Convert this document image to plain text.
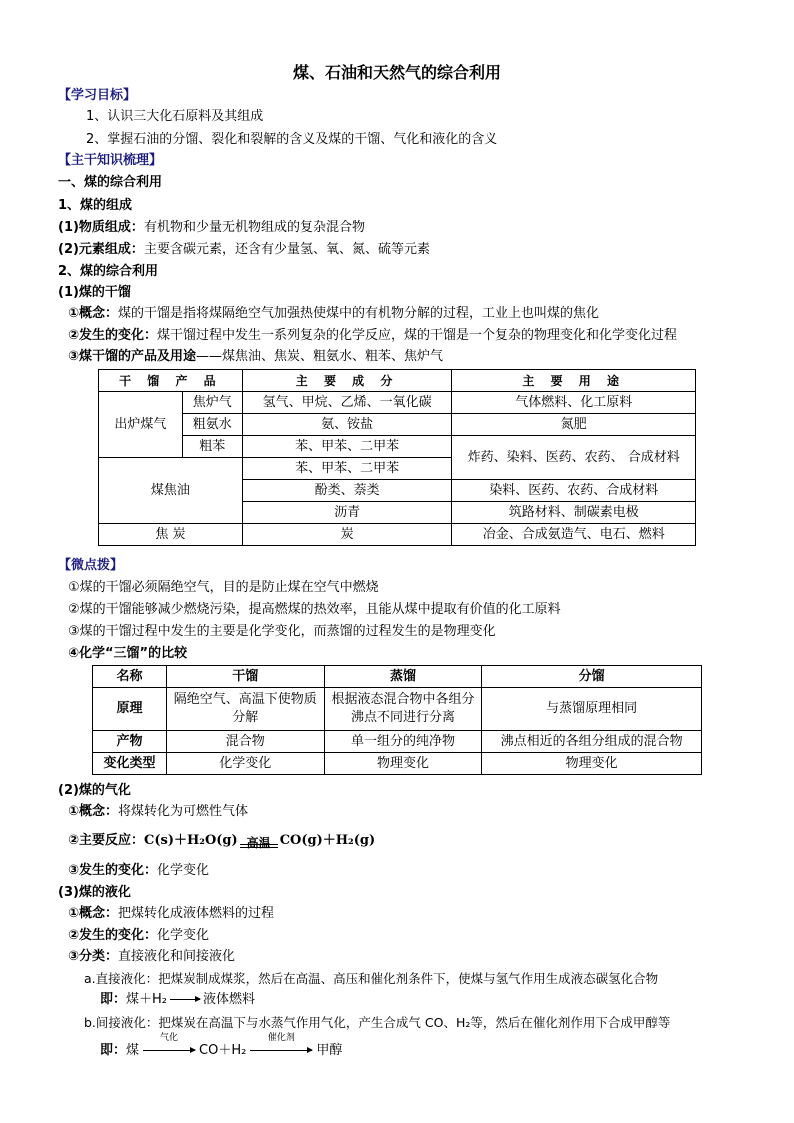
煤、石油和天然气的综合利用
【学习目标】
1、认识三大化石原料及其组成
2、掌握石油的分馏、裂化和裂解的含义及煤的干馏、气化和液化的含义
【主干知识梳理】
一、煤的综合利用
1、煤的组成
(1)物质组成：有机物和少量无机物组成的复杂混合物
(2)元素组成：主要含碳元素，还含有少量氢、氧、氮、硫等元素
2、煤的综合利用
(1)煤的干馏
①概念：煤的干馏是指将煤隔绝空气加强热使煤中的有机物分解的过程，工业上也叫煤的焦化
②发生的变化：煤干馏过程中发生一系列复杂的化学反应，煤的干馏是一个复杂的物理变化和化学变化过程
③煤干馏的产品及用途——煤焦油、焦炭、粗氨水、粗苯、焦炉气
干 馏 产 品		主 要 成 分	主 要 用 途
出炉煤气	焦炉气	氢气、甲烷、乙烯、一氧化碳	气体燃料、化工原料
	粗氨水	氨、铵盐	氮肥
	粗苯	苯、甲苯、二甲苯	炸药、染料、医药、农药、 合成材料
煤焦油		苯、甲苯、二甲苯	
		酚类、萘类	染料、医药、农药、合成材料
		沥青	筑路材料、制碳素电极
焦 炭		炭	冶金、合成氨造气、电石、燃料
【微点拨】
①煤的干馏必须隔绝空气，目的是防止煤在空气中燃烧
②煤的干馏能够减少燃烧污染，提高燃煤的热效率，且能从煤中提取有价值的化工原料
③煤的干馏过程中发生的主要是化学变化，而蒸馏的过程发生的是物理变化
④化学“三馏”的比较
名称	干馏	蒸馏	分馏
原理	隔绝空气、高温下使物质分解	根据液态混合物中各组分沸点不同进行分离	与蒸馏原理相同
产物	混合物	单一组分的纯净物	沸点相近的各组分组成的混合物
变化类型	化学变化	物理变化	物理变化
(2)煤的气化
①概念：将煤转化为可燃性气体
②主要反应：C(s)＋H₂O(g) 高温 CO(g)＋H₂(g)
③发生的变化：化学变化
(3)煤的液化
①概念：把煤转化成液体燃料的过程
②发生的变化：化学变化
③分类：直接液化和间接液化
a.直接液化：把煤炭制成煤浆，然后在高温、高压和催化剂条件下，使煤与氢气作用生成液态碳氢化合物
即：煤＋H₂	液体燃料
b.间接液化：把煤炭在高温下与水蒸气作用气化，产生合成气 CO、H₂等，然后在催化剂作用下合成甲醇等
即：煤
气化
CO＋H₂
催化剂
甲醇
